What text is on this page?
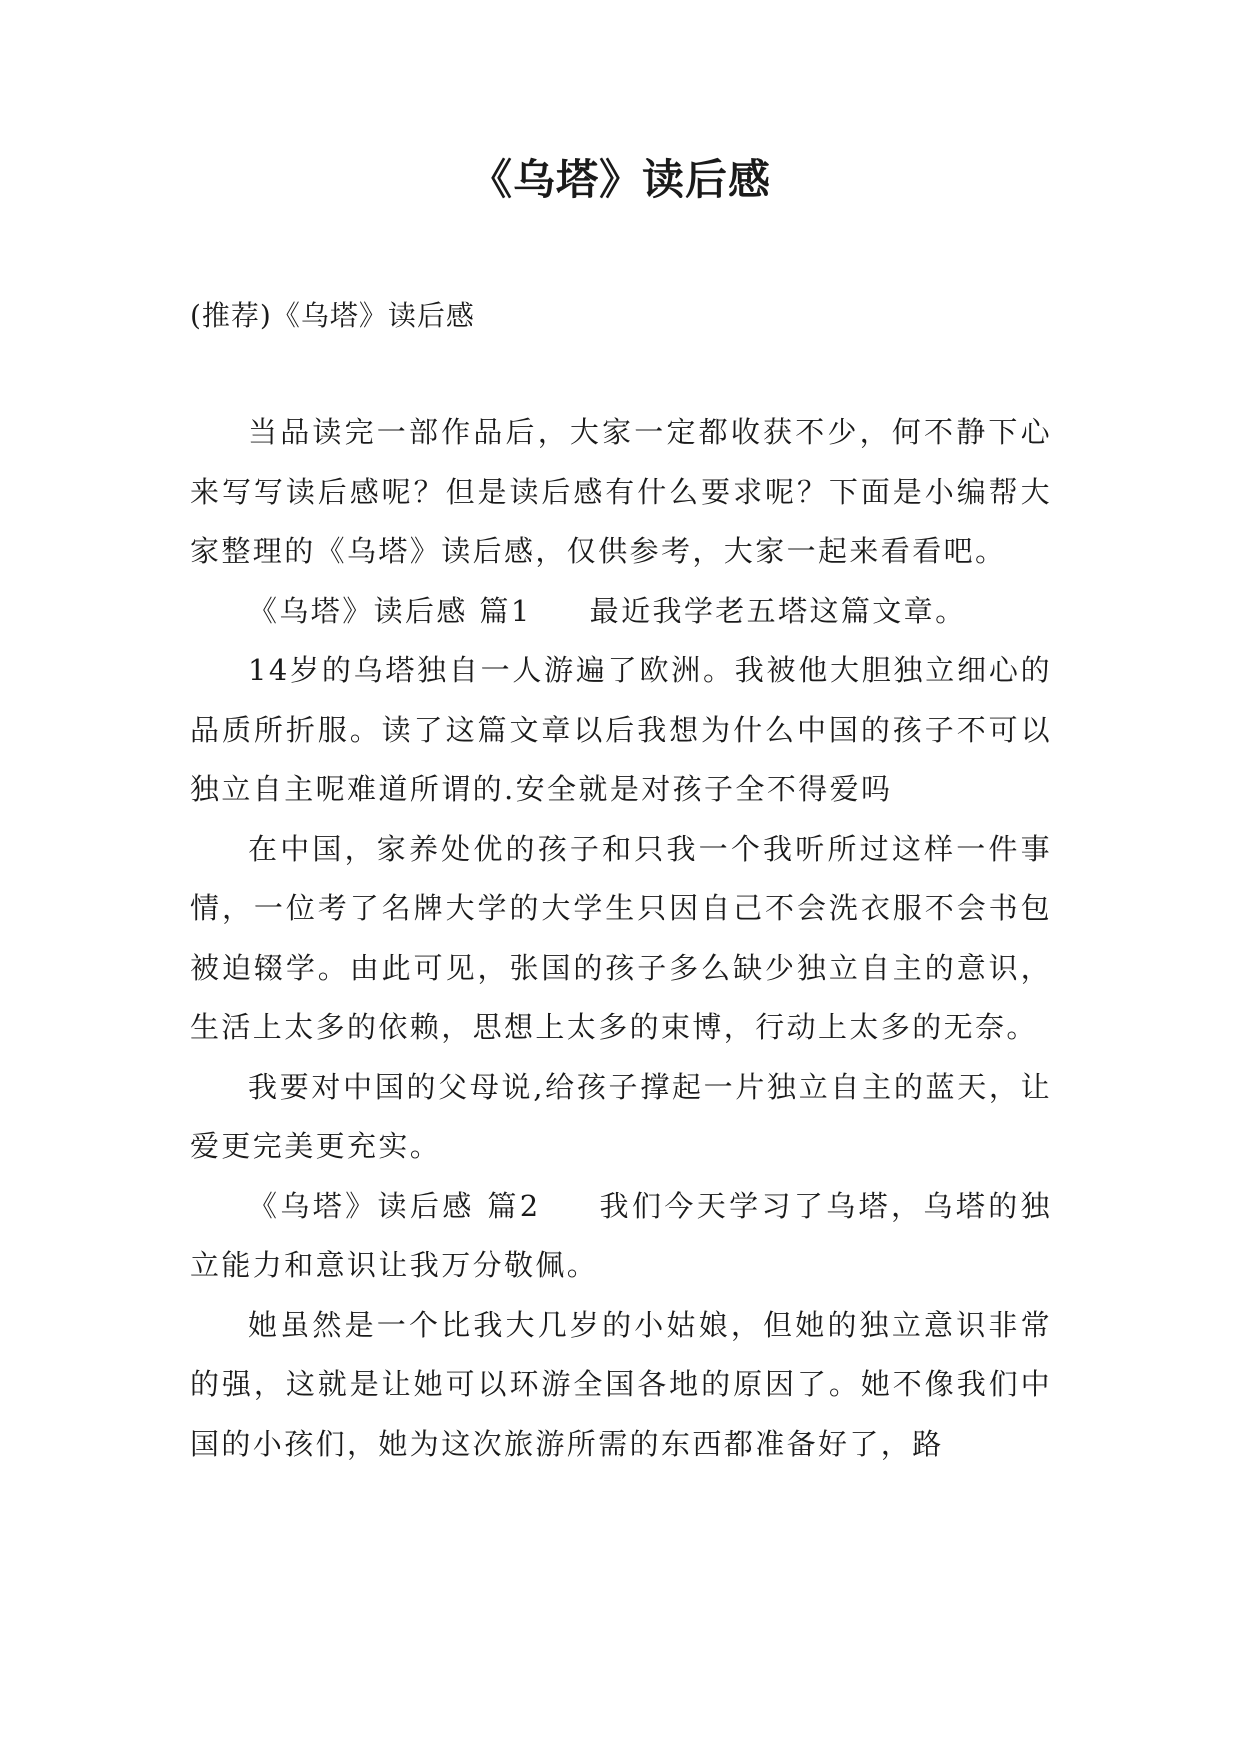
《乌塔》读后感

(推荐)《乌塔》读后感

当品读完一部作品后，大家一定都收获不少，何不静下心来写写读后感呢？但是读后感有什么要求呢？下面是小编帮大家整理的《乌塔》读后感，仅供参考，大家一起来看看吧。

《乌塔》读后感 篇1 最近我学老五塔这篇文章。

14岁的乌塔独自一人游遍了欧洲。我被他大胆独立细心的品质所折服。读了这篇文章以后我想为什么中国的孩子不可以独立自主呢难道所谓的.安全就是对孩子全不得爱吗

在中国，家养处优的孩子和只我一个我听所过这样一件事情，一位考了名牌大学的大学生只因自己不会洗衣服不会书包被迫辍学。由此可见，张国的孩子多么缺少独立自主的意识，生活上太多的依赖，思想上太多的束博，行动上太多的无奈。

我要对中国的父母说,给孩子撑起一片独立自主的蓝天，让爱更完美更充实。

《乌塔》读后感 篇2 我们今天学习了乌塔，乌塔的独立能力和意识让我万分敬佩。

她虽然是一个比我大几岁的小姑娘，但她的独立意识非常的强，这就是让她可以环游全国各地的原因了。她不像我们中国的小孩们，她为这次旅游所需的东西都准备好了，路
